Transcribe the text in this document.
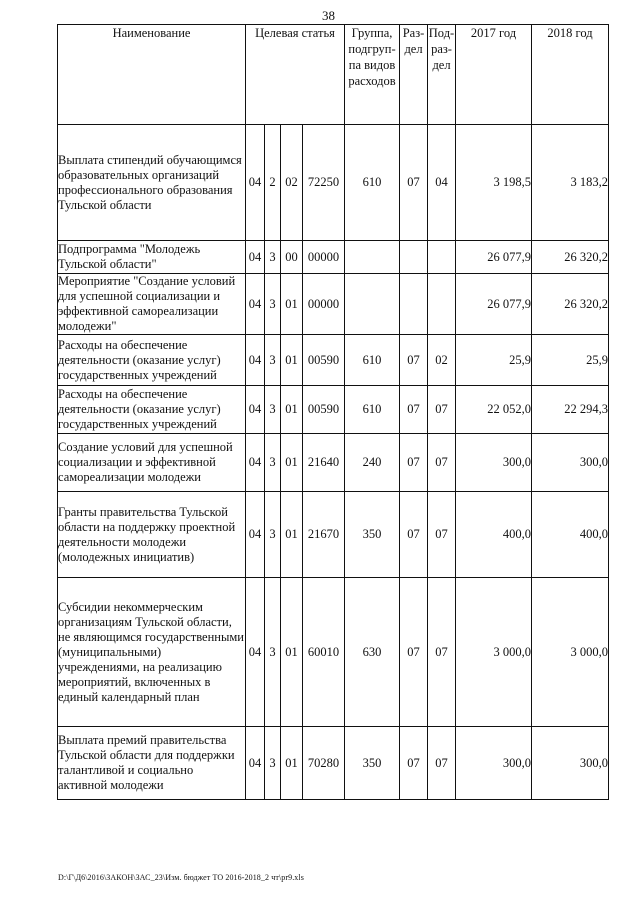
38
Наименование	Целевая статья				Группа, подгруп-па видов расходов	Раз-дел	Под-раз-дел	2017 год	2018 год
Выплата стипендий обучающимся образовательных организаций профессионального образования Тульской области	04	2	02	72250	610	07	04	3 198,5	3 183,2
Подпрограмма "Молодежь Тульской области"	04	3	00	00000				26 077,9	26 320,2
Мероприятие "Создание условий для успешной социализации и эффективной самореализации молодежи"	04	3	01	00000				26 077,9	26 320,2
Расходы на обеспечение деятельности (оказание услуг) государственных учреждений	04	3	01	00590	610	07	02	25,9	25,9
Расходы на обеспечение деятельности (оказание услуг) государственных учреждений	04	3	01	00590	610	07	07	22 052,0	22 294,3
Создание условий для успешной социализации и эффективной самореализации молодежи	04	3	01	21640	240	07	07	300,0	300,0
Гранты правительства Тульской области на поддержку проектной деятельности молодежи (молодежных инициатив)	04	3	01	21670	350	07	07	400,0	400,0
Субсидии некоммерческим организациям Тульской области, не являющимся государственными (муниципальными) учреждениями, на реализацию мероприятий, включенных в единый календарный план	04	3	01	60010	630	07	07	3 000,0	3 000,0
Выплата премий правительства Тульской области для поддержки талантливой и социально активной молодежи	04	3	01	70280	350	07	07	300,0	300,0
D:\Г\Д6\2016\ЗАКОН\ЗАС_23\Изм. бюджет ТО 2016-2018_2 чт\pr9.xls
